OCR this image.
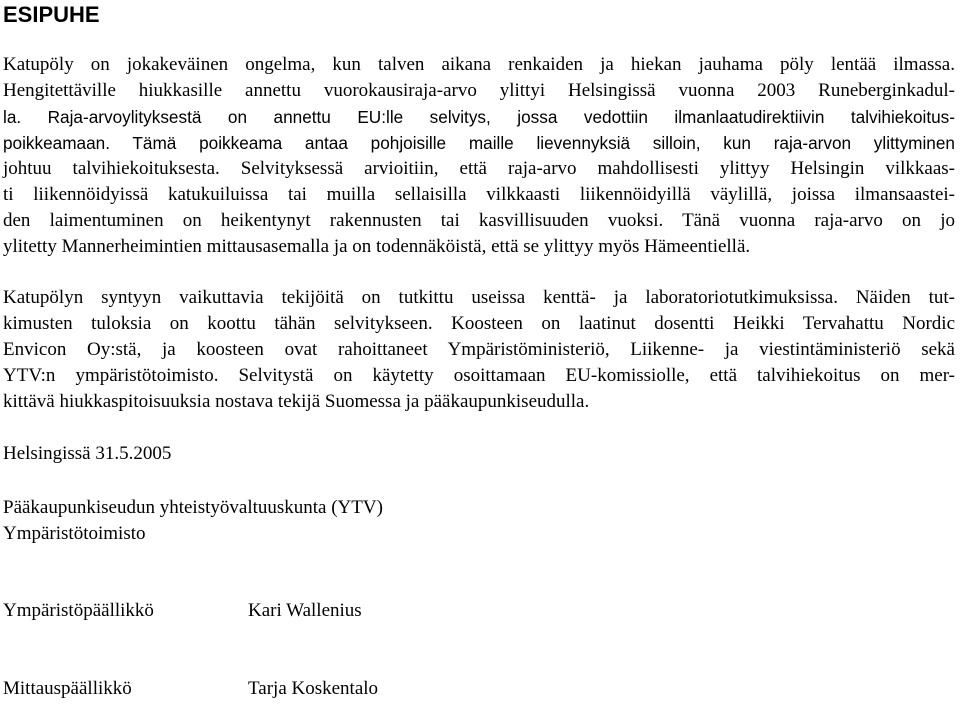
ESIPUHE
Katupöly on jokakeväinen ongelma, kun talven aikana renkaiden ja hiekan jauhama pöly lentää ilmassa.
Hengitettäville hiukkasille annettu vuorokausiraja-arvo ylittyi Helsingissä vuonna 2003 Runeberginkadul-
la. Raja-arvoylityksestä on annettu EU:lle selvitys, jossa vedottiin ilmanlaatudirektiivin talvihiekoitus-
poikkeamaan. Tämä poikkeama antaa pohjoisille maille lievennyksiä silloin, kun raja-arvon ylittyminen
johtuu talvihiekoituksesta. Selvityksessä arvioitiin, että raja-arvo mahdollisesti ylittyy Helsingin vilkkaas-
ti liikennöidyissä katukuiluissa tai muilla sellaisilla vilkkaasti liikennöidyillä väylillä, joissa ilmansaastei-
den laimentuminen on heikentynyt rakennusten tai kasvillisuuden vuoksi. Tänä vuonna raja-arvo on jo
ylitetty Mannerheimintien mittausasemalla ja on todennäköistä, että se ylittyy myös Hämeentiellä.
Katupölyn syntyyn vaikuttavia tekijöitä on tutkittu useissa kenttä- ja laboratoriotutkimuksissa. Näiden tut-
kimusten tuloksia on koottu tähän selvitykseen. Koosteen on laatinut dosentti Heikki Tervahattu Nordic
Envicon Oy:stä, ja koosteen ovat rahoittaneet Ympäristöministeriö, Liikenne- ja viestintäministeriö sekä
YTV:n ympäristötoimisto. Selvitystä on käytetty osoittamaan EU-komissiolle, että talvihiekoitus on mer-
kittävä hiukkaspitoisuuksia nostava tekijä Suomessa ja pääkaupunkiseudulla.
Helsingissä 31.5.2005
Pääkaupunkiseudun yhteistyövaltuuskunta (YTV)
Ympäristötoimisto
Ympäristöpäällikkö	Kari Wallenius
Mittauspäällikkö	Tarja Koskentalo
